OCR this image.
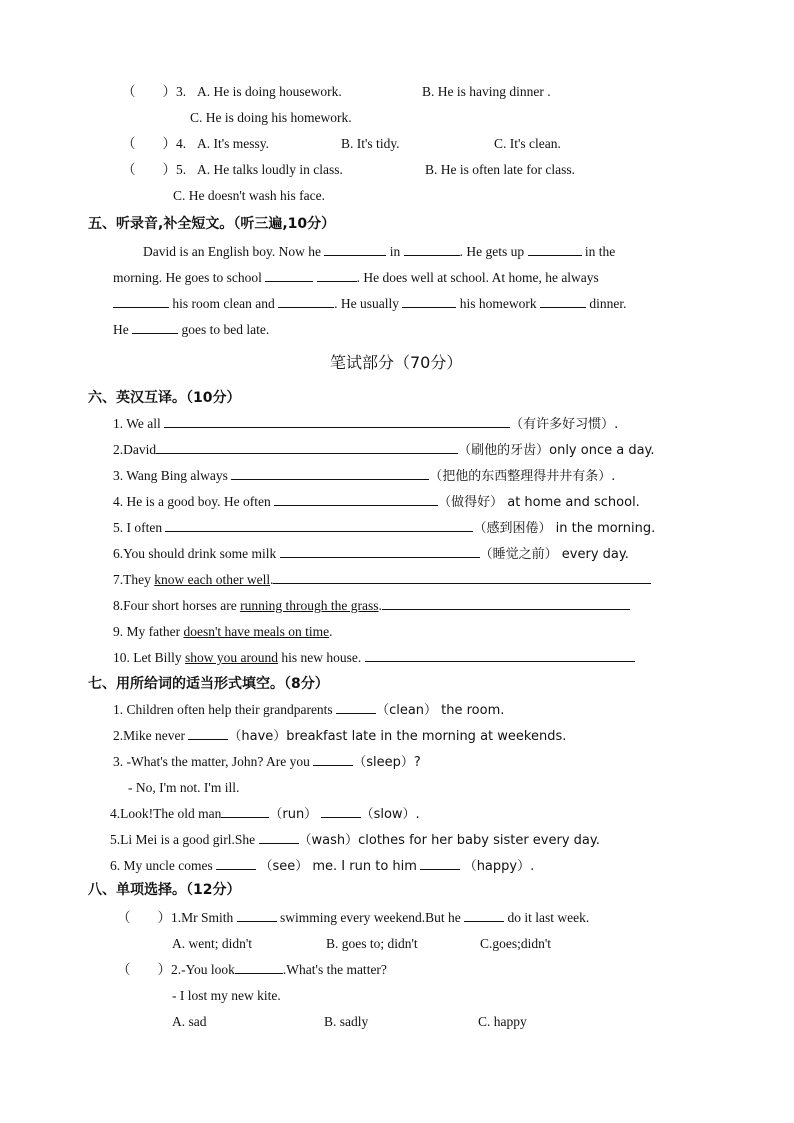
（　　）3. A. He is doing housework.	B. He is having dinner .
C. He is doing his homework.
（　　）4. A. It's messy.	B. It's tidy.	C. It's clean.
（　　）5. A. He talks loudly in class.	B. He is often late for class.
C. He doesn't wash his face.
五、听录音,补全短文。（听三遍,10分）
David is an English boy. Now he	in	. He gets up	in the
morning. He goes to school	. He does well at school. At home, he always
his room clean and	. He usually	his homework	dinner.
He	goes to bed late.
笔试部分（70分）
六、英汉互译。（10分）
1. We all	（有许多好习惯）.
2.David	（刷他的牙齿）only once a day.
3. Wang Bing always	（把他的东西整理得井井有条）.
4. He is a good boy. He often	（做得好） at home and school.
5. I often	（感到困倦） in the morning.
6.You should drink some milk	（睡觉之前） every day.
7.They know each other well.
8.Four short horses are running through the grass.
9. My father doesn't have meals on time.
10. Let Billy show you around his new house.
七、用所给词的适当形式填空。（8分）
1. Children often help their grandparents	（clean） the room.
2.Mike never	（have）breakfast late in the morning at weekends.
3. -What's the matter, John? Are you	（sleep）?
- No, I'm not. I'm ill.
4.Look!The old man	（run）	（slow）.
5.Li Mei is a good girl.She	（wash）clothes for her baby sister every day.
6. My uncle comes	（see） me. I run to him	（happy）.
八、单项选择。（12分）
（　　）1.Mr Smith	swimming every weekend.But he	do it last week.
A. went; didn't	B. goes to; didn't	C.goes;didn't
（　　）2.-You look	.What's the matter?
- I lost my new kite.
A. sad	B. sadly	C. happy
